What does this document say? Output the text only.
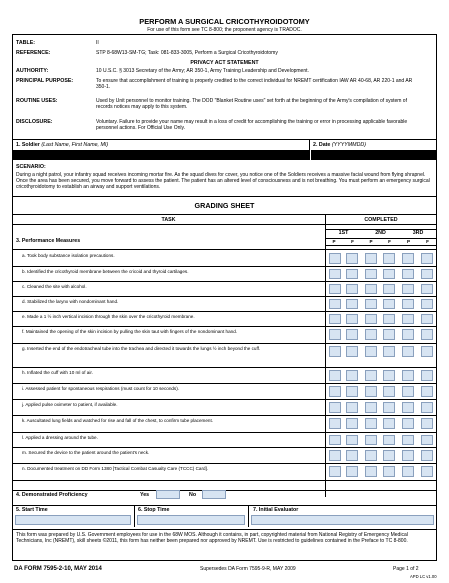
PERFORM A SURGICAL CRICOTHYROIDOTOMY
For use of this form see TC 8-800; the proponent agency is TRADOC.
TABLE:	II
REFERENCE:	STP 8-68W13-SM-TG; Task: 081-833-3005, Perform a Surgical Cricothyroidotomy
PRIVACY ACT STATEMENT
AUTHORITY:	10 U.S.C. § 3013 Secretary of the Army; AR 350-1, Army Training Leadership and Development.
PRINCIPAL PURPOSE:	To ensure that accomplishment of training is properly credited to the correct individual for NREMT certification IAW AR 40-68, AR 220-1 and AR 350-1.
ROUTINE USES:	Used by Unit personnel to monitor training. The DOD "Blanket Routine uses" set forth at the beginning of the Army's compilation of system of records notices may apply to this system.
DISCLOSURE:	Voluntary. Failure to provide your name may result in a loss of credit for accomplishing the training or error in processing applicable favorable personnel actions. For Official Use Only.
1. Soldier (Last Name, First Name, MI)	2. Date (YYYYMMDD)
SCENARIO:
During a night patrol, your infantry squad receives incoming mortar fire. As the squad dives for cover, you notice one of the Soldiers receives a massive facial wound from flying shrapnel. Once the area has been secured, you move forward to assess the patient. The patient has an altered level of consciousness and is not breathing. You must perform an emergency surgical cricothyroidotomy to establish an airway and support ventilations.
GRADING SHEET
TASK	COMPLETED
1ST	2ND	3RD
P	F	P	F	P	F
3. Performance Measures
a. Took body substance isolation precautions.
b. Identified the cricothyroid membrane between the cricoid and thyroid cartilages.
c. Cleaned the site with alcohol.
d. Stabilized the larynx with nondominant hand.
e. Made a 1 ½ inch vertical incision through the skin over the cricothyroid membrane.
f. Maintained the opening of the skin incision by pulling the skin taut with fingers of the nondominant hand.
g. Inserted the end of the endotracheal tube into the trachea and directed it towards the lungs ½ inch beyond the cuff.
h. Inflated the cuff with 10 ml of air.
i. Assessed patient for spontaneous respirations (must count for 10 seconds).
j. Applied pulse oximeter to patient, if available.
k. Auscultated lung fields and watched for rise and fall of the chest, to confirm tube placement.
l. Applied a dressing around the tube.
m. Secured the device to the patient around the patient's neck.
n. Documented treatment on DD Form 1380 [Tactical Combat Casualty Care (TCCC) Card].
4. Demonstrated Proficiency	Yes	No
5. Start Time	6. Stop Time	7. Initial Evaluator
This form was prepared by U.S. Government employees for use in the 68W MOS. Although it contains, in part, copyrighted material from National Registry of Emergency Medical Technicians, Inc (NREMT), skill sheets ©2011, this form has neither been prepared nor approved by NREMT. Use is restricted to guidelines contained in the Preface to TC 8-800.
DA FORM 7595-2-10, MAY 2014	Supersedes DA Form 7595-9-R, MAY 2009	Page 1 of 2
APD LC v1.00
